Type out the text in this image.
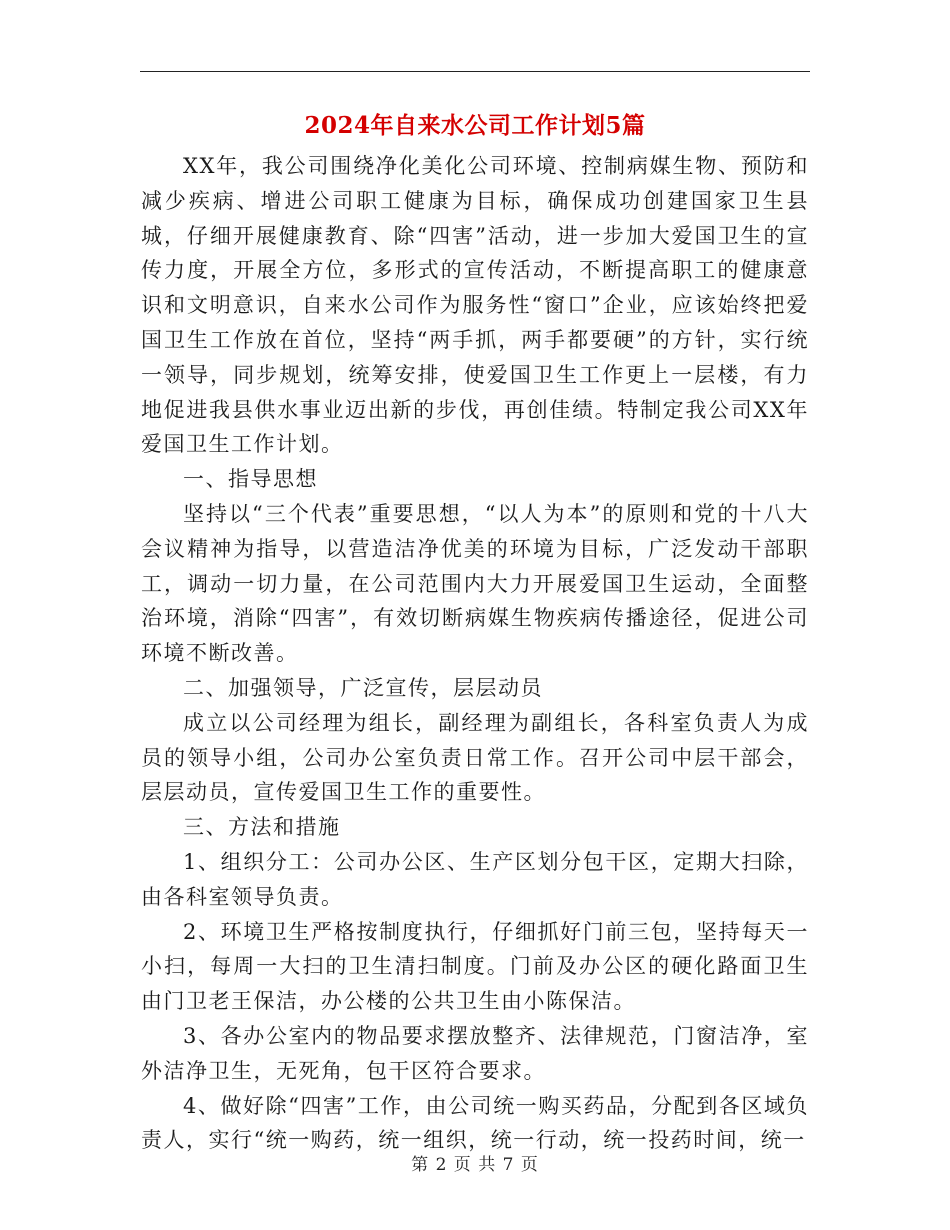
2024年自来水公司工作计划5篇

XX年，我公司围绕净化美化公司环境、控制病媒生物、预防和减少疾病、增进公司职工健康为目标，确保成功创建国家卫生县城，仔细开展健康教育、除“四害”活动，进一步加大爱国卫生的宣传力度，开展全方位，多形式的宣传活动，不断提高职工的健康意识和文明意识，自来水公司作为服务性“窗口”企业，应该始终把爱国卫生工作放在首位，坚持“两手抓，两手都要硬”的方针，实行统一领导，同步规划，统筹安排，使爱国卫生工作更上一层楼，有力地促进我县供水事业迈出新的步伐，再创佳绩。特制定我公司XX年爱国卫生工作计划。

一、指导思想

坚持以“三个代表”重要思想，“以人为本”的原则和党的十八大会议精神为指导，以营造洁净优美的环境为目标，广泛发动干部职工，调动一切力量，在公司范围内大力开展爱国卫生运动，全面整治环境，消除“四害”，有效切断病媒生物疾病传播途径，促进公司环境不断改善。

二、加强领导，广泛宣传，层层动员

成立以公司经理为组长，副经理为副组长，各科室负责人为成员的领导小组，公司办公室负责日常工作。召开公司中层干部会，层层动员，宣传爱国卫生工作的重要性。

三、方法和措施

1、组织分工：公司办公区、生产区划分包干区，定期大扫除，由各科室领导负责。

2、环境卫生严格按制度执行，仔细抓好门前三包，坚持每天一小扫，每周一大扫的卫生清扫制度。门前及办公区的硬化路面卫生由门卫老王保洁，办公楼的公共卫生由小陈保洁。

3、各办公室内的物品要求摆放整齐、法律规范，门窗洁净，室外洁净卫生，无死角，包干区符合要求。

4、做好除“四害”工作，由公司统一购买药品，分配到各区域负责人，实行“统一购药，统一组织，统一行动，统一投药时间，统一

第 2 页 共 7 页
